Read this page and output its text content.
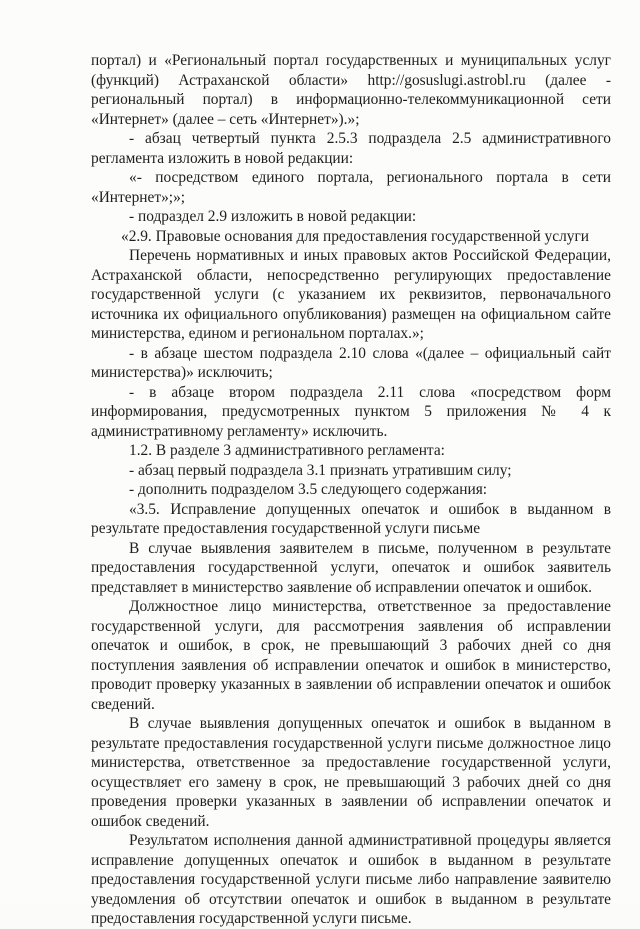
портал) и «Региональный портал государственных и муниципальных услуг (функций) Астраханской области» http://gosuslugi.astrobl.ru (далее - региональный портал) в информационно-телекоммуникационной сети «Интернет» (далее – сеть «Интернет»).»;

- абзац четвертый пункта 2.5.3 подраздела 2.5 административного регламента изложить в новой редакции:

«- посредством единого портала, регионального портала в сети «Интернет»;»;

- подраздел 2.9 изложить в новой редакции:

«2.9. Правовые основания для предоставления государственной услуги

Перечень нормативных и иных правовых актов Российской Федерации, Астраханской области, непосредственно регулирующих предоставление государственной услуги (с указанием их реквизитов, первоначального источника их официального опубликования) размещен на официальном сайте министерства, едином и региональном порталах.»;

- в абзаце шестом подраздела 2.10 слова «(далее – официальный сайт министерства)» исключить;

- в абзаце втором подраздела 2.11 слова «посредством форм информирования, предусмотренных пунктом 5 приложения № 4 к административному регламенту» исключить.

1.2. В разделе 3 административного регламента:

- абзац первый подраздела 3.1 признать утратившим силу;

- дополнить подразделом 3.5 следующего содержания:

«3.5. Исправление допущенных опечаток и ошибок в выданном в результате предоставления государственной услуги письме

В случае выявления заявителем в письме, полученном в результате предоставления государственной услуги, опечаток и ошибок заявитель представляет в министерство заявление об исправлении опечаток и ошибок.

Должностное лицо министерства, ответственное за предоставление государственной услуги, для рассмотрения заявления об исправлении опечаток и ошибок, в срок, не превышающий 3 рабочих дней со дня поступления заявления об исправлении опечаток и ошибок в министерство, проводит проверку указанных в заявлении об исправлении опечаток и ошибок сведений.

В случае выявления допущенных опечаток и ошибок в выданном в результате предоставления государственной услуги письме должностное лицо министерства, ответственное за предоставление государственной услуги, осуществляет его замену в срок, не превышающий 3 рабочих дней со дня проведения проверки указанных в заявлении об исправлении опечаток и ошибок сведений.

Результатом исполнения данной административной процедуры является исправление допущенных опечаток и ошибок в выданном в результате предоставления государственной услуги письме либо направление заявителю уведомления об отсутствии опечаток и ошибок в выданном в результате предоставления государственной услуги письме.
